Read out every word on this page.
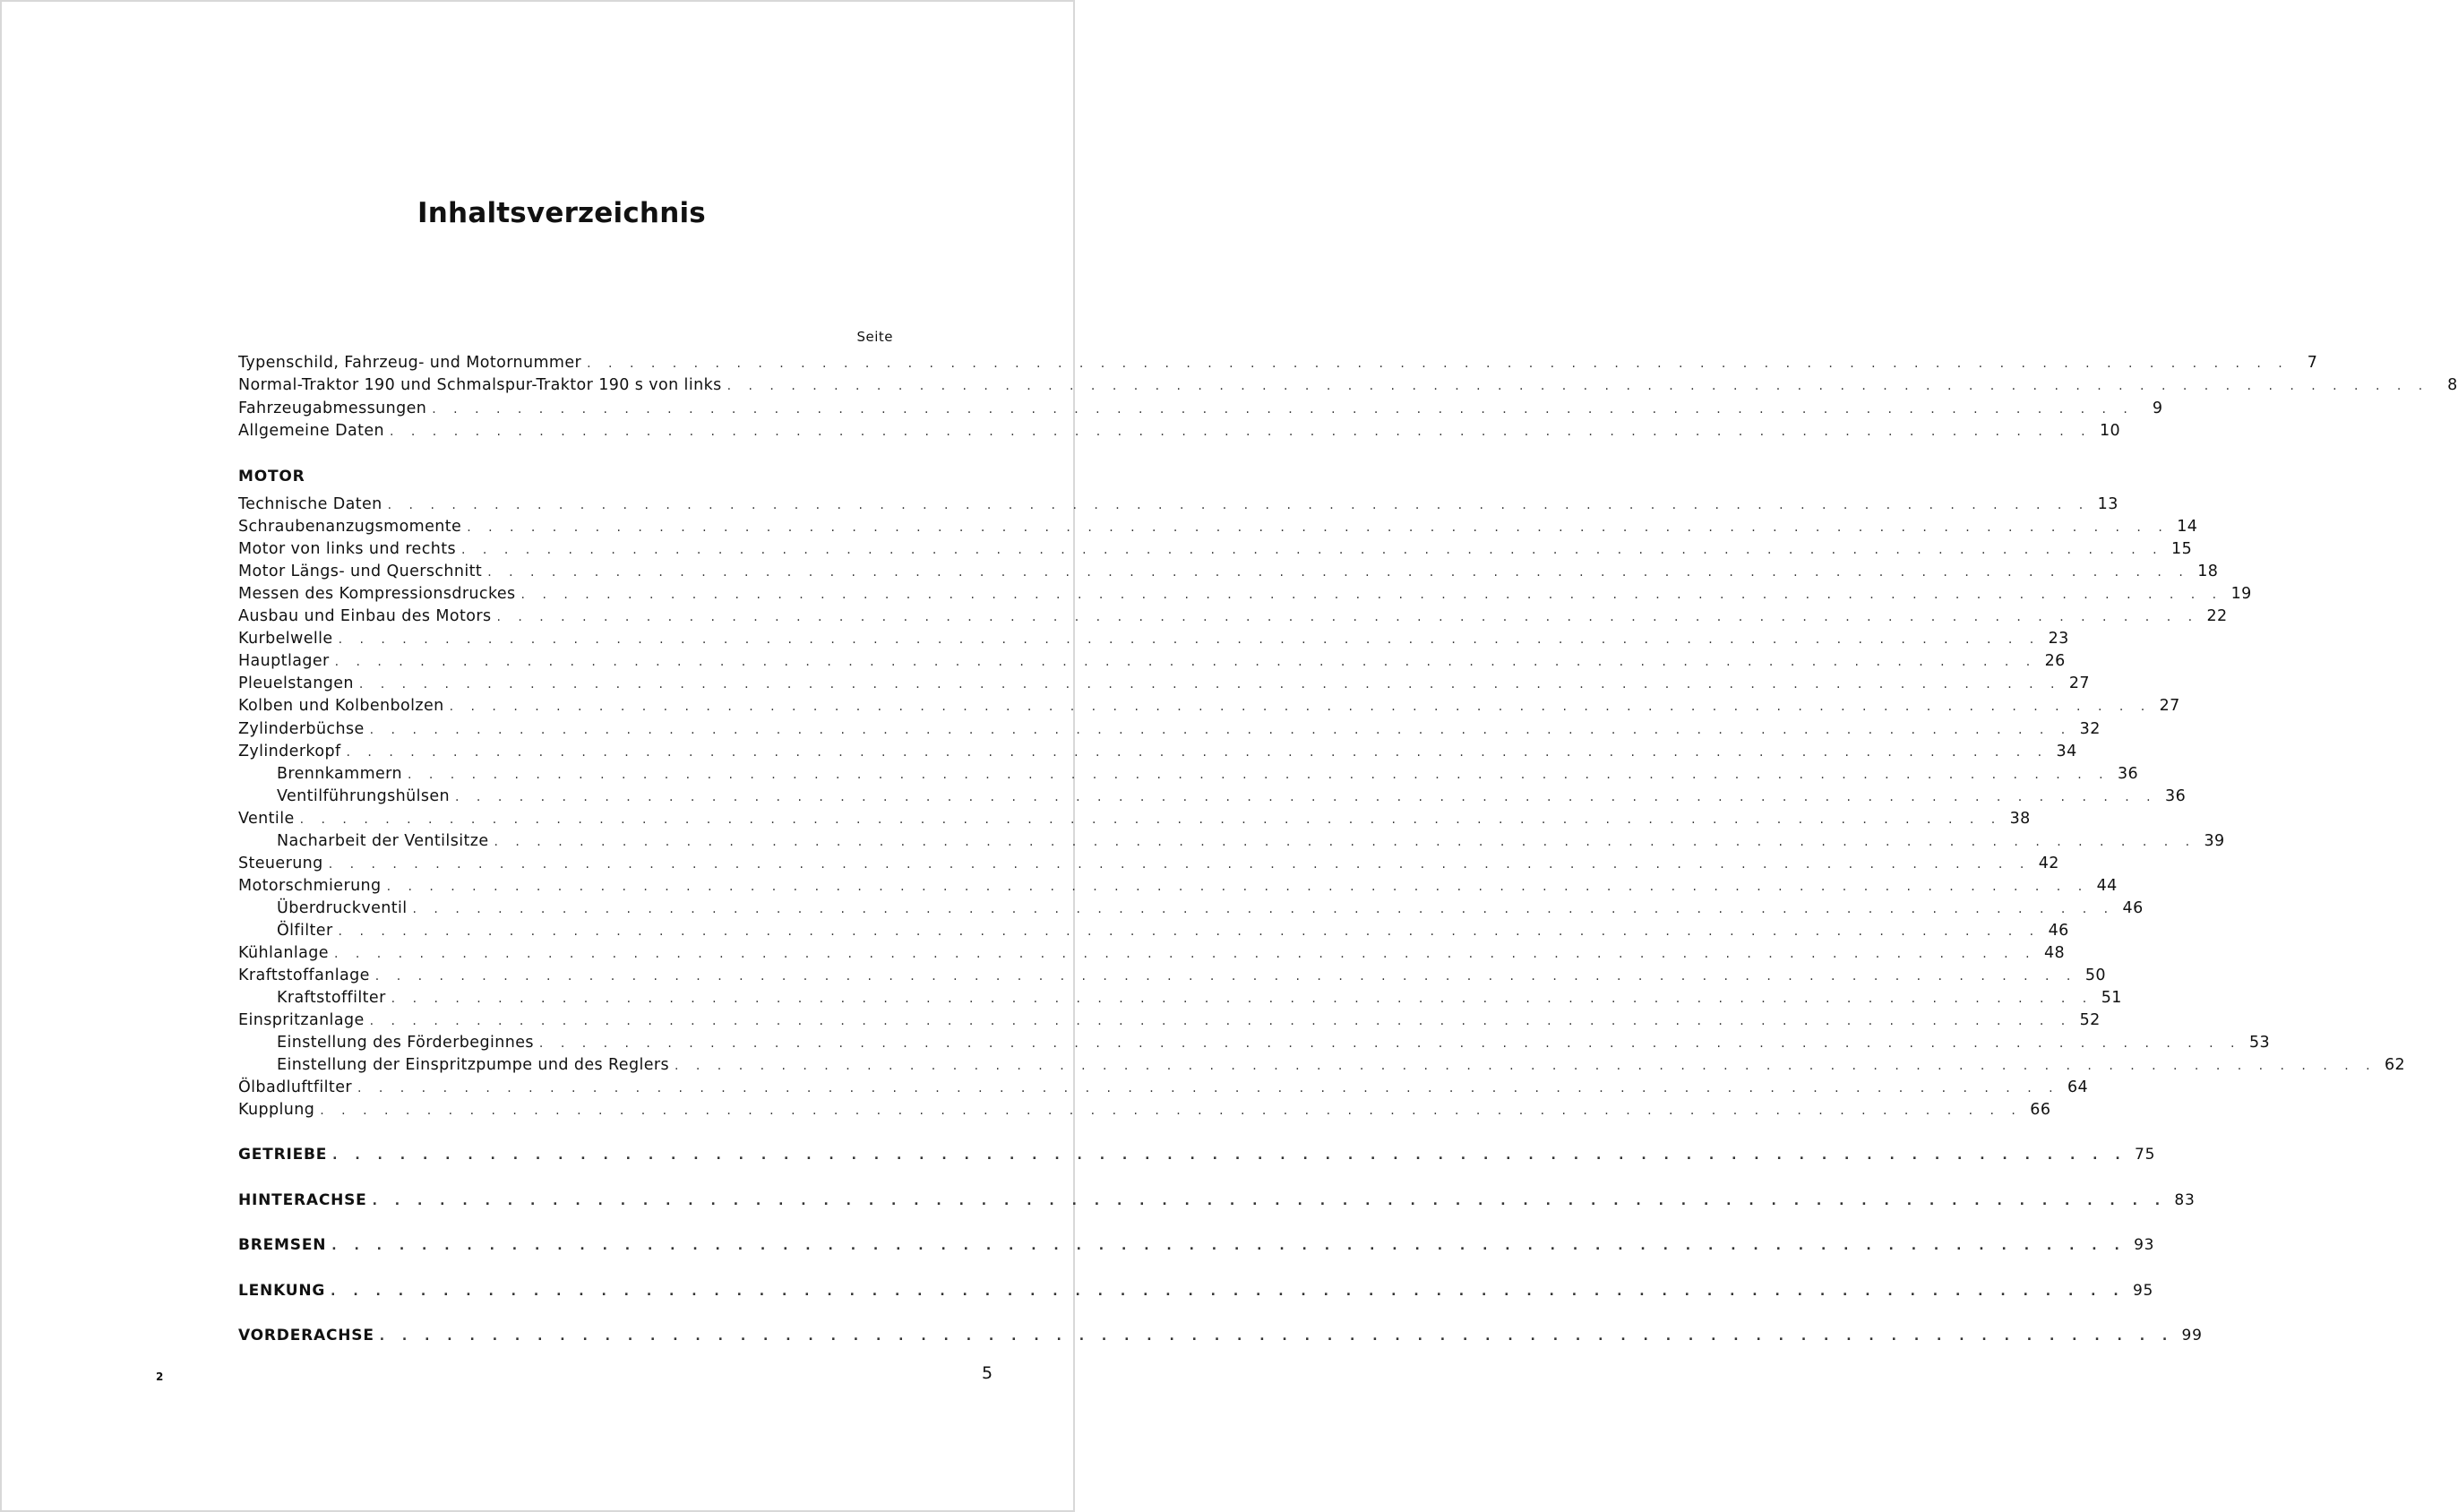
Inhaltsverzeichnis
Seite
Typenschild, Fahrzeug- und Motornummer . . . . . . . . . . . . . . . . . . . . . . . . . . . . . . . . . . . . . . . . . . . . . . . . . . . . . . . . . . . . . . . . . . . . . . . . . . . . . . . .	7
Normal-Traktor 190 und Schmalspur-Traktor 190 s von links . . . . . . . . . . . . . . . . . . . . . . . . . . . . . . . . . . . . . . . . . . . . . . . . . . . . . . . . . . . . . . . . . . . . . . . . . . . . . . . .	8
Fahrzeugabmessungen . . . . . . . . . . . . . . . . . . . . . . . . . . . . . . . . . . . . . . . . . . . . . . . . . . . . . . . . . . . . . . . . . . . . . . . . . . . . . . . .	9
Allgemeine Daten . . . . . . . . . . . . . . . . . . . . . . . . . . . . . . . . . . . . . . . . . . . . . . . . . . . . . . . . . . . . . . . . . . . . . . . . . . . . . . . . 10
MOTOR
Technische Daten . . . . . . . . . . . . . . . . . . . . . . . . . . . . . . . . . . . . . . . . . . . . . . . . . . . . . . . . . . . . . . . . . . . . . . . . . . . . . . . . 13
Schraubenanzugsmomente . . . . . . . . . . . . . . . . . . . . . . . . . . . . . . . . . . . . . . . . . . . . . . . . . . . . . . . . . . . . . . . . . . . . . . . . . . . . . . . . 14
Motor von links und rechts . . . . . . . . . . . . . . . . . . . . . . . . . . . . . . . . . . . . . . . . . . . . . . . . . . . . . . . . . . . . . . . . . . . . . . . . . . . . . . . . 15
Motor Längs- und Querschnitt . . . . . . . . . . . . . . . . . . . . . . . . . . . . . . . . . . . . . . . . . . . . . . . . . . . . . . . . . . . . . . . . . . . . . . . . . . . . . . . . 18
Messen des Kompressionsdruckes . . . . . . . . . . . . . . . . . . . . . . . . . . . . . . . . . . . . . . . . . . . . . . . . . . . . . . . . . . . . . . . . . . . . . . . . . . . . . . . . 19
Ausbau und Einbau des Motors . . . . . . . . . . . . . . . . . . . . . . . . . . . . . . . . . . . . . . . . . . . . . . . . . . . . . . . . . . . . . . . . . . . . . . . . . . . . . . . . 22
Kurbelwelle . . . . . . . . . . . . . . . . . . . . . . . . . . . . . . . . . . . . . . . . . . . . . . . . . . . . . . . . . . . . . . . . . . . . . . . . . . . . . . . . 23
Hauptlager . . . . . . . . . . . . . . . . . . . . . . . . . . . . . . . . . . . . . . . . . . . . . . . . . . . . . . . . . . . . . . . . . . . . . . . . . . . . . . . . 26
Pleuelstangen . . . . . . . . . . . . . . . . . . . . . . . . . . . . . . . . . . . . . . . . . . . . . . . . . . . . . . . . . . . . . . . . . . . . . . . . . . . . . . . . 27
Kolben und Kolbenbolzen . . . . . . . . . . . . . . . . . . . . . . . . . . . . . . . . . . . . . . . . . . . . . . . . . . . . . . . . . . . . . . . . . . . . . . . . . . . . . . . . 27
Zylinderbüchse . . . . . . . . . . . . . . . . . . . . . . . . . . . . . . . . . . . . . . . . . . . . . . . . . . . . . . . . . . . . . . . . . . . . . . . . . . . . . . . . 32
Zylinderkopf . . . . . . . . . . . . . . . . . . . . . . . . . . . . . . . . . . . . . . . . . . . . . . . . . . . . . . . . . . . . . . . . . . . . . . . . . . . . . . . . 34
Brennkammern . . . . . . . . . . . . . . . . . . . . . . . . . . . . . . . . . . . . . . . . . . . . . . . . . . . . . . . . . . . . . . . . . . . . . . . . . . . . . . . . 36
Ventilführungshülsen . . . . . . . . . . . . . . . . . . . . . . . . . . . . . . . . . . . . . . . . . . . . . . . . . . . . . . . . . . . . . . . . . . . . . . . . . . . . . . . . 36
Ventile . . . . . . . . . . . . . . . . . . . . . . . . . . . . . . . . . . . . . . . . . . . . . . . . . . . . . . . . . . . . . . . . . . . . . . . . . . . . . . . . 38
Nacharbeit der Ventilsitze . . . . . . . . . . . . . . . . . . . . . . . . . . . . . . . . . . . . . . . . . . . . . . . . . . . . . . . . . . . . . . . . . . . . . . . . . . . . . . . . 39
Steuerung . . . . . . . . . . . . . . . . . . . . . . . . . . . . . . . . . . . . . . . . . . . . . . . . . . . . . . . . . . . . . . . . . . . . . . . . . . . . . . . . 42
Motorschmierung . . . . . . . . . . . . . . . . . . . . . . . . . . . . . . . . . . . . . . . . . . . . . . . . . . . . . . . . . . . . . . . . . . . . . . . . . . . . . . . . 44
Überdruckventil . . . . . . . . . . . . . . . . . . . . . . . . . . . . . . . . . . . . . . . . . . . . . . . . . . . . . . . . . . . . . . . . . . . . . . . . . . . . . . . . 46
Ölfilter . . . . . . . . . . . . . . . . . . . . . . . . . . . . . . . . . . . . . . . . . . . . . . . . . . . . . . . . . . . . . . . . . . . . . . . . . . . . . . . . 46
Kühlanlage . . . . . . . . . . . . . . . . . . . . . . . . . . . . . . . . . . . . . . . . . . . . . . . . . . . . . . . . . . . . . . . . . . . . . . . . . . . . . . . . 48
Kraftstoffanlage . . . . . . . . . . . . . . . . . . . . . . . . . . . . . . . . . . . . . . . . . . . . . . . . . . . . . . . . . . . . . . . . . . . . . . . . . . . . . . . . 50
Kraftstoffilter . . . . . . . . . . . . . . . . . . . . . . . . . . . . . . . . . . . . . . . . . . . . . . . . . . . . . . . . . . . . . . . . . . . . . . . . . . . . . . . . 51
Einspritzanlage . . . . . . . . . . . . . . . . . . . . . . . . . . . . . . . . . . . . . . . . . . . . . . . . . . . . . . . . . . . . . . . . . . . . . . . . . . . . . . . . 52
Einstellung des Förderbeginnes . . . . . . . . . . . . . . . . . . . . . . . . . . . . . . . . . . . . . . . . . . . . . . . . . . . . . . . . . . . . . . . . . . . . . . . . . . . . . . . . 53
Einstellung der Einspritzpumpe und des Reglers . . . . . . . . . . . . . . . . . . . . . . . . . . . . . . . . . . . . . . . . . . . . . . . . . . . . . . . . . . . . . . . . . . . . . . . . . . . . . . . . 62
Ölbadluftfilter . . . . . . . . . . . . . . . . . . . . . . . . . . . . . . . . . . . . . . . . . . . . . . . . . . . . . . . . . . . . . . . . . . . . . . . . . . . . . . . . 64
Kupplung . . . . . . . . . . . . . . . . . . . . . . . . . . . . . . . . . . . . . . . . . . . . . . . . . . . . . . . . . . . . . . . . . . . . . . . . . . . . . . . . 66
GETRIEBE . . . . . . . . . . . . . . . . . . . . . . . . . . . . . . . . . . . . . . . . . . . . . . . . . . . . . . . . . . . . . . . . . . . . . . . . . . . . . . . . 75
HINTERACHSE . . . . . . . . . . . . . . . . . . . . . . . . . . . . . . . . . . . . . . . . . . . . . . . . . . . . . . . . . . . . . . . . . . . . . . . . . . . . . . . . 83
BREMSEN . . . . . . . . . . . . . . . . . . . . . . . . . . . . . . . . . . . . . . . . . . . . . . . . . . . . . . . . . . . . . . . . . . . . . . . . . . . . . . . . 93
LENKUNG . . . . . . . . . . . . . . . . . . . . . . . . . . . . . . . . . . . . . . . . . . . . . . . . . . . . . . . . . . . . . . . . . . . . . . . . . . . . . . . . 95
VORDERACHSE . . . . . . . . . . . . . . . . . . . . . . . . . . . . . . . . . . . . . . . . . . . . . . . . . . . . . . . . . . . . . . . . . . . . . . . . . . . . . . . . 99
2	5
